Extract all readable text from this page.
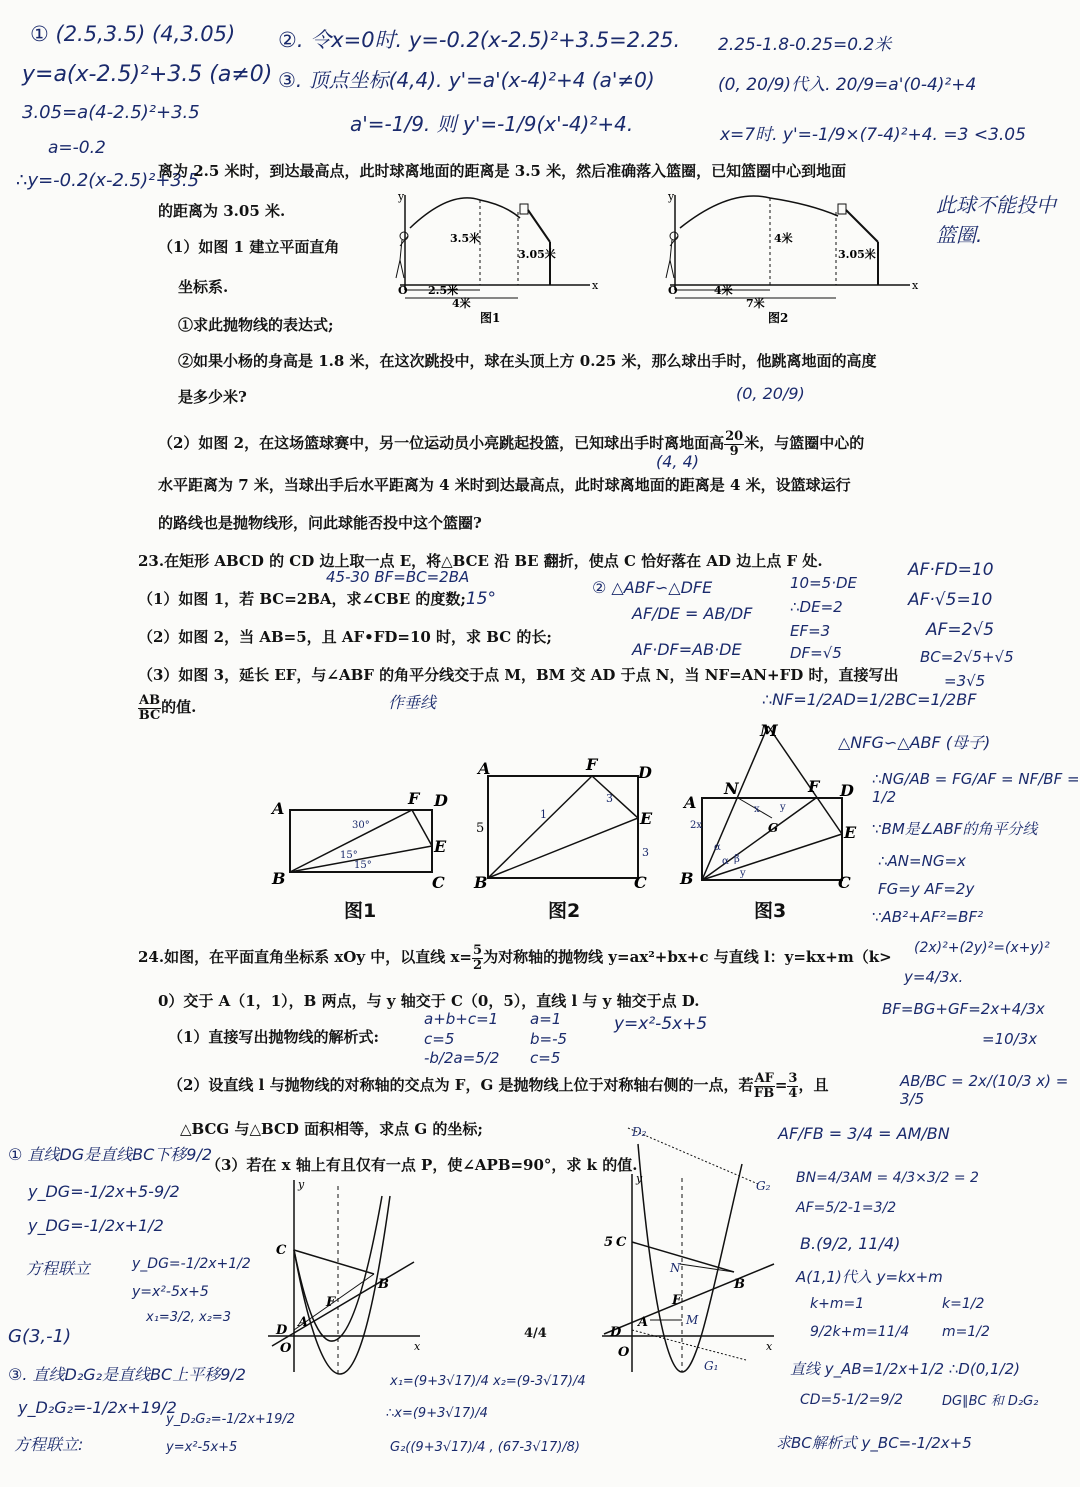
① (2.5,3.5) (4,3.05)
y=a(x-2.5)²+3.5 (a≠0)
3.05=a(4-2.5)²+3.5
a=-0.2
∴y=-0.2(x-2.5)²+3.5
②. 令x=0时. y=-0.2(x-2.5)²+3.5=2.25.
③. 顶点坐标(4,4). y'=a'(x-4)²+4 (a'≠0)
a'=-1/9. 则 y'=-1/9(x'-4)²+4.
2.25-1.8-0.25=0.2米
(0, 20/9)代入. 20/9=a'(0-4)²+4
x=7时. y'=-1/9×(7-4)²+4. =3 <3.05
此球不能投中篮圈.
离为 2.5 米时，到达最高点，此时球离地面的距离是 3.5 米，然后准确落入篮圈，已知篮圈中心到地面
的距离为 3.05 米.
（1）如图 1 建立平面直角
坐标系.
①求此抛物线的表达式;
②如果小杨的身高是 1.8 米，在这次跳投中，球在头顶上方 0.25 米，那么球出手时，他跳离地面的高度
是多少米?
（2）如图 2，在这场篮球赛中，另一位运动员小亮跳起投篮，已知球出手时离地面高 $\frac{20}{9}$ 米，与篮圈中心的
水平距离为 7 米，当球出手后水平距离为 4 米时到达最高点，此时球离地面的距离是 4 米，设篮球运行
的路线也是抛物线形，问此球能否投中这个篮圈?
(0, 20/9)
(4, 4)
y
x
O
3.5米
3.05米
2.5米
4米
图1
y
x
O
4米
3.05米
4米
7米
图2
23.在矩形 ABCD 的 CD 边上取一点 E，将△BCE 沿 BE 翻折，使点 C 恰好落在 AD 边上点 F 处.
（1）如图 1，若 BC=2BA，求∠CBE 的度数;15°
（2）如图 2，当 AB=5，且 AF•FD=10 时，求 BC 的长;
（3）如图 3，延长 EF，与∠ABF 的角平分线交于点 M，BM 交 AD 于点 N，当 NF=AN+FD 时，直接写出
$\frac{AB}{BC}$ 的值.
45-30 BF=BC=2BA
作垂线
② △ABF∽△DFE
AF/DE = AB/DF
AF·DF=AB·DE
10=5·DE
∴DE=2
EF=3
DF=√5
AF·FD=10
AF·√5=10
AF=2√5
BC=2√5+√5
=3√5
∴NF=1/2AD=1/2BC=1/2BF
△NFG∽△ABF (母子)
∴NG/AB = FG/AF = NF/BF = 1/2
∵BM是∠ABF的角平分线
∴AN=NG=x
FG=y AF=2y
∵AB²+AF²=BF²
(2x)²+(2y)²=(x+y)²
y=4/3x.
BF=BG+GF=2x+4/3x
=10/3x
AB/BC = 2x/(10/3 x) = 3/5
A
B	C
D
E
F
30°
15°
15°
图1
A
B	C
D
E
F
5
1
3
3
图2
M
N
A
B	C
D
E
F
2x
x y
α
α β
y
G
图3
24.如图，在平面直角坐标系 xOy 中，以直线 $x= \frac{5}{2}$ 为对称轴的抛物线 y=ax²+bx+c 与直线 l：y=kx+m（k>
0）交于 A（1，1），B 两点，与 y 轴交于 C（0，5），直线 l 与 y 轴交于点 D.
（1）直接写出抛物线的解析式:
a+b+c=1
c=5
-b/2a=5/2
a=1
b=-5
c=5
y=x²-5x+5
（2）设直线 l 与抛物线的对称轴的交点为 F，G 是抛物线上位于对称轴右侧的一点，若 $\frac{AF}{FB} = \frac{3}{4}$ ，且
△BCG 与△BCD 面积相等，求点 G 的坐标;
（3）若在 x 轴上有且仅有一点 P，使∠APB=90°，求 k 的值.
① 直线DG是直线BC下移9/2
y_DG=-1/2x+5-9/2
y_DG=-1/2x+1/2
方程联立	y_DG=-1/2x+1/2
y=x²-5x+5
x₁=3/2, x₂=3
G(3,-1)
③. 直线D₂G₂是直线BC上平移9/2
y_D₂G₂=-1/2x+19/2
方程联立:
y_D₂G₂=-1/2x+19/2
y=x²-5x+5
x₁=(9+3√17)/4 x₂=(9-3√17)/4
∴x=(9+3√17)/4
G₂((9+3√17)/4 , (67-3√17)/8)
AF/FB = 3/4 = AM/BN
BN=4/3AM = 4/3×3/2 = 2
AF=5/2-1=3/2
B.(9/2, 11/4)
A(1,1)代入 y=kx+m
k+m=1
9/2k+m=11/4
k=1/2
m=1/2
直线 y_AB=1/2x+1/2 ∴D(0,1/2)
CD=5-1/2=9/2	DG∥BC 和 D₂G₂
求BC解析式 y_BC=-1/2x+5
C
B
F
A
D
O	x
y
4/4
D₂
G₂
5 C
N
B
F
M
A
D
O
G₁
x
y
